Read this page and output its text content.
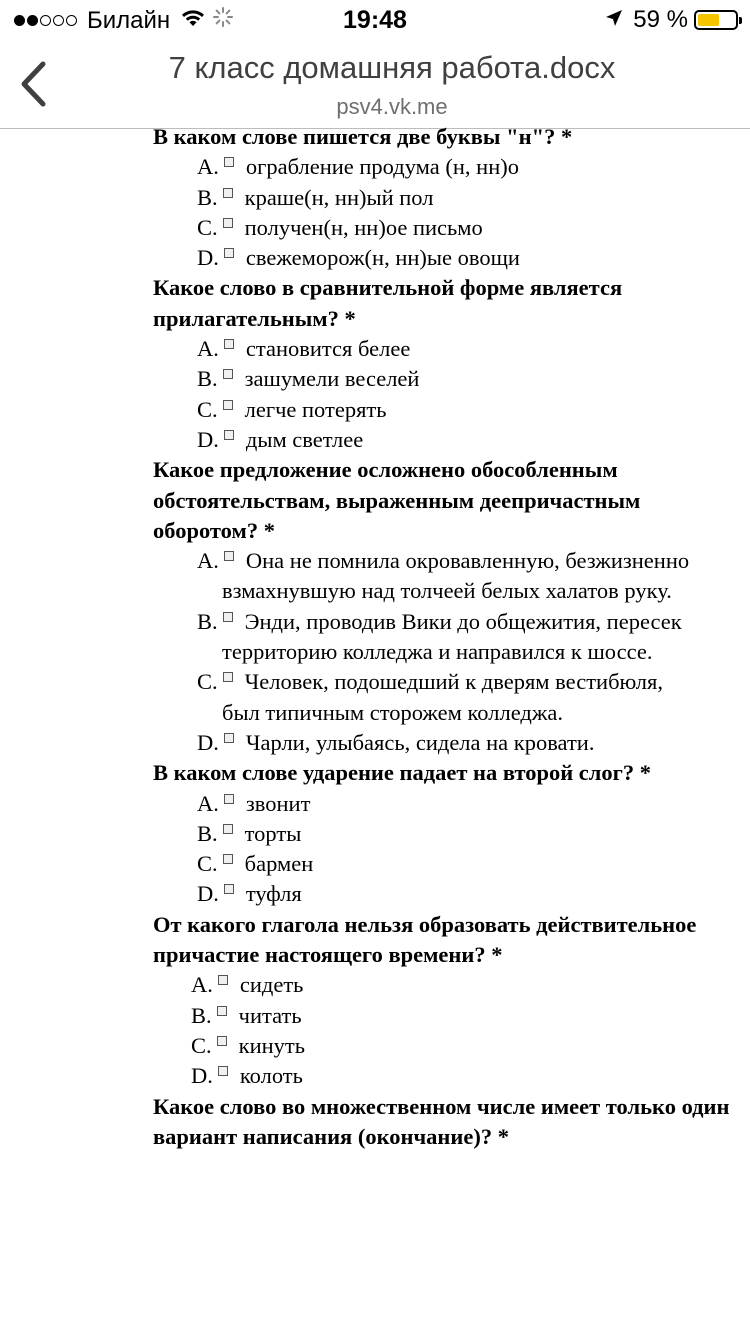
Билайн	19:48	59 %
7 класс домашняя работа.docx
psv4.vk.me
В каком слове пишется две буквы "н"? *
A. ограбление продума (н, нн)о
B. краше(н, нн)ый пол
C. получен(н, нн)ое письмо
D. свежеморож(н, нн)ые овощи
Какое слово в сравнительной форме является прилагательным? *
A. становится белее
B. зашумели веселей
C. легче потерять
D. дым светлее
Какое предложение осложнено обособленным обстоятельствам, выраженным деепричастным оборотом? *
A. Она не помнила окровавленную, безжизненно взмахнувшую над толчеей белых халатов руку.
B. Энди, проводив Вики до общежития, пересек территорию колледжа и направился к шоссе.
C. Человек, подошедший к дверям вестибюля, был типичным сторожем колледжа.
D. Чарли, улыбаясь, сидела на кровати.
В каком слове ударение падает на второй слог? *
A. звонит
B. торты
C. бармен
D. туфля
От какого глагола нельзя образовать действительное причастие настоящего времени? *
A. сидеть
B. читать
C. кинуть
D. колоть
Какое слово во множественном числе имеет только один вариант написания (окончание)? *
